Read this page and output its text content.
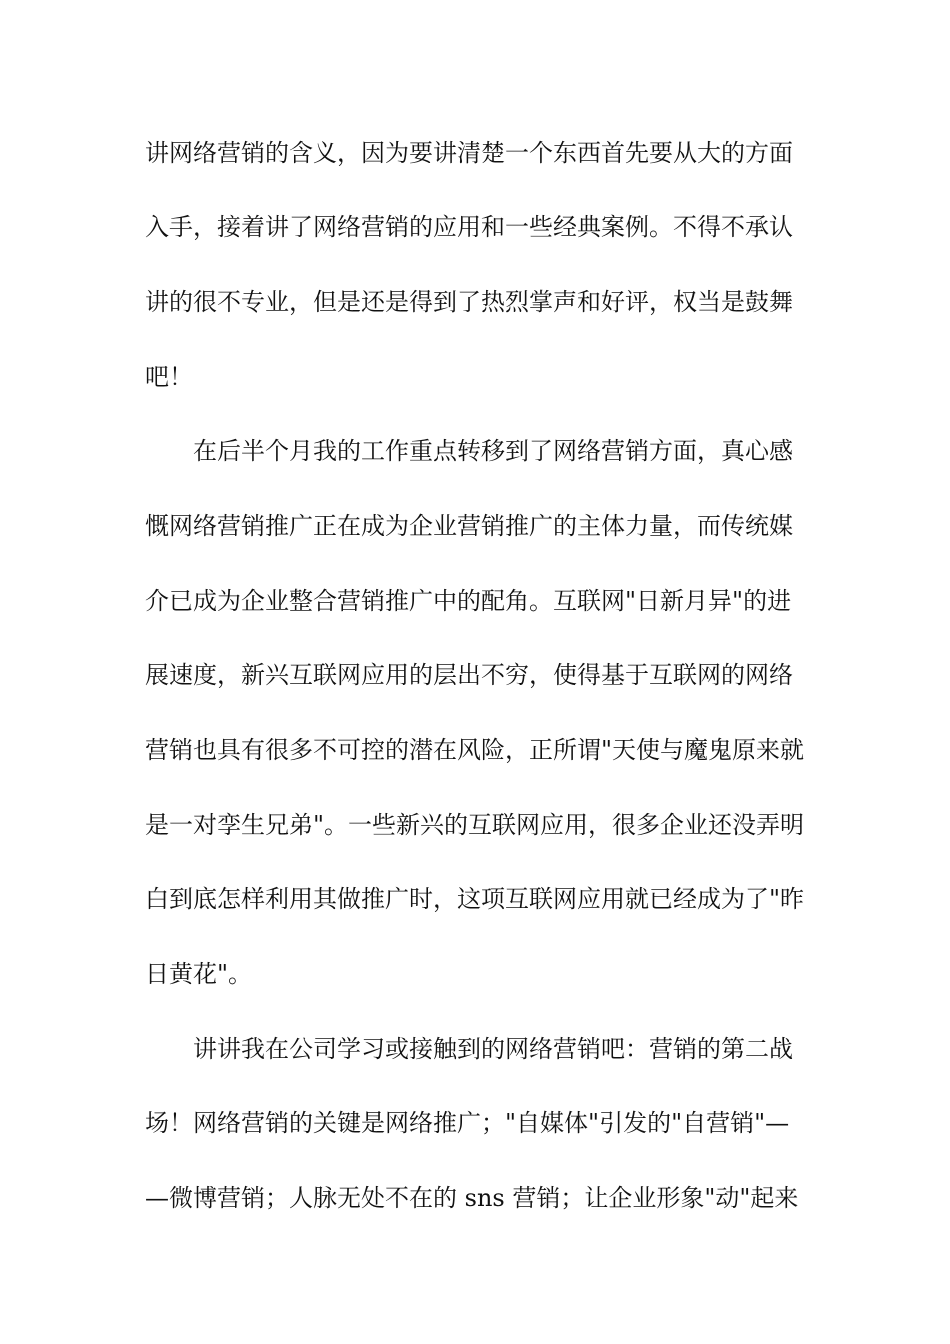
讲网络营销的含义，因为要讲清楚一个东西首先要从大的方面
入手，接着讲了网络营销的应用和一些经典案例。不得不承认
讲的很不专业，但是还是得到了热烈掌声和好评，权当是鼓舞
吧！
在后半个月我的工作重点转移到了网络营销方面，真心感
慨网络营销推广正在成为企业营销推广的主体力量，而传统媒
介已成为企业整合营销推广中的配角。互联网"日新月异"的进
展速度，新兴互联网应用的层出不穷，使得基于互联网的网络
营销也具有很多不可控的潜在风险，正所谓"天使与魔鬼原来就
是一对孪生兄弟"。一些新兴的互联网应用，很多企业还没弄明
白到底怎样利用其做推广时，这项互联网应用就已经成为了"昨
日黄花"。
讲讲我在公司学习或接触到的网络营销吧：营销的第二战
场！网络营销的关键是网络推广；"自媒体"引发的"自营销"—
—微博营销；人脉无处不在的 sns 营销；让企业形象"动"起来
